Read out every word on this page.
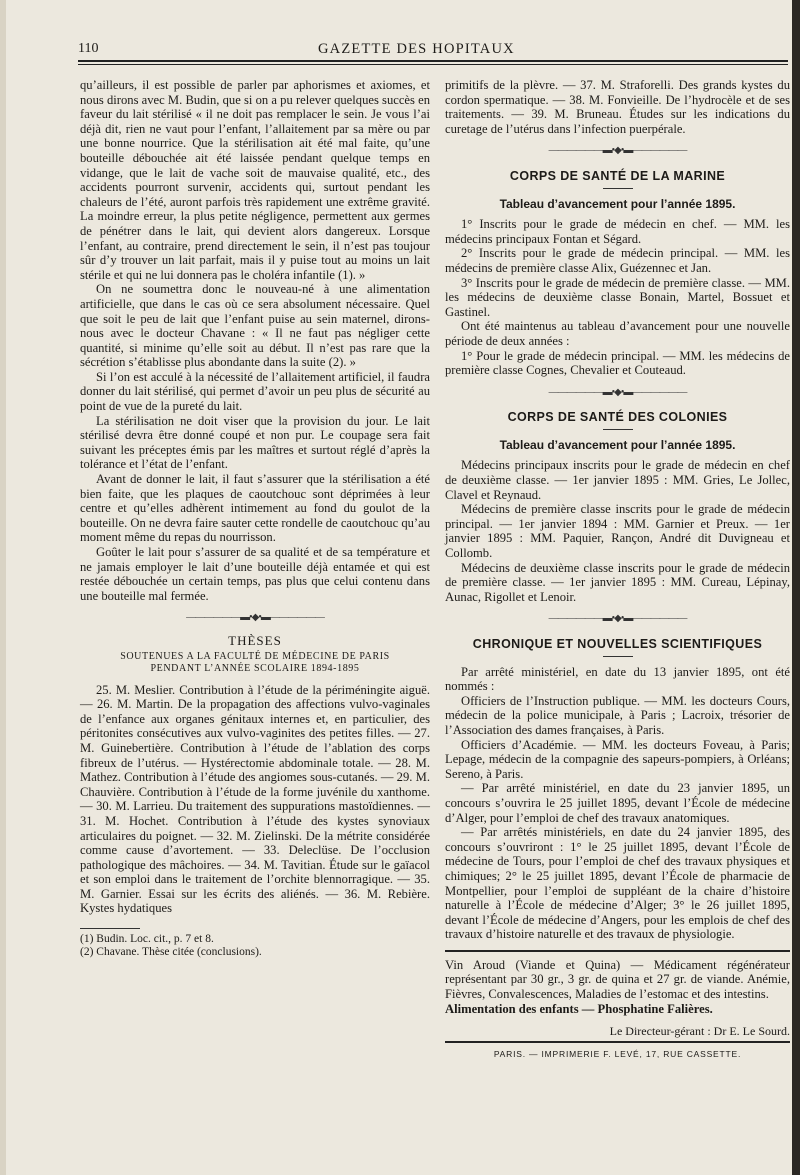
110	GAZETTE DES HOPITAUX

qu’ailleurs, il est possible de parler par aphorismes et axiomes, et nous dirons avec M. Budin, que si on a pu relever quelques succès en faveur du lait stérilisé « il ne doit pas remplacer le sein. Je vous l’ai déjà dit, rien ne vaut pour l’enfant, l’allaitement par sa mère ou par une bonne nourrice. Que la stérilisation ait été mal faite, qu’une bouteille débouchée ait été laissée pendant quelque temps en vidange, que le lait de vache soit de mauvaise qualité, etc., des accidents pourront survenir, accidents qui, surtout pendant les chaleurs de l’été, auront parfois très rapidement une extrême gravité. La moindre erreur, la plus petite négligence, permettent aux germes de pénétrer dans le lait, qui devient alors dangereux. Lorsque l’enfant, au contraire, prend directement le sein, il n’est pas toujour sûr d’y trouver un lait parfait, mais il y puise tout au moins un lait stérile et qui ne lui donnera pas le choléra infantile (1). »

On ne soumettra donc le nouveau-né à une alimentation artificielle, que dans le cas où ce sera absolument nécessaire. Quel que soit le peu de lait que l’enfant puise au sein maternel, dirons-nous avec le docteur Chavane : « Il ne faut pas négliger cette quantité, si minime qu’elle soit au début. Il n’est pas rare que la sécrétion s’établisse plus abondante dans la suite (2). »

Si l’on est acculé à la nécessité de l’allaitement artificiel, il faudra donner du lait stérilisé, qui permet d’avoir un peu plus de sécurité au point de vue de la pureté du lait.

La stérilisation ne doit viser que la provision du jour. Le lait stérilisé devra être donné coupé et non pur. Le coupage sera fait suivant les préceptes émis par les maîtres et surtout réglé d’après la tolérance et l’état de l’enfant.

Avant de donner le lait, il faut s’assurer que la stérilisation a été bien faite, que les plaques de caoutchouc sont déprimées à leur centre et qu’elles adhèrent intimement au fond du goulot de la bouteille. On ne devra faire sauter cette rondelle de caoutchouc qu’au moment même du repas du nourrisson.

Goûter le lait pour s’assurer de sa qualité et de sa température et ne jamais employer le lait d’une bouteille déjà entamée et qui est restée débouchée un certain temps, pas plus que celui contenu dans une bouteille mal fermée.

——————▬•◆•▬——————
THÈSES
SOUTENUES A LA FACULTÉ DE MÉDECINE DE PARIS
PENDANT L’ANNÉE SCOLAIRE 1894-1895

25. M. Meslier. Contribution à l’étude de la périméningite aiguë. — 26. M. Martin. De la propagation des affections vulvo-vaginales de l’enfance aux organes génitaux internes et, en particulier, des péritonites consécutives aux vulvo-vaginites des petites filles. — 27. M. Guinebertière. Contribution à l’étude de l’ablation des corps fibreux de l’utérus. — Hystérectomie abdominale totale. — 28. M. Mathez. Contribution à l’étude des angiomes sous-cutanés. — 29. M. Chauvière. Contribution à l’étude de la forme juvénile du xanthome. — 30. M. Larrieu. Du traitement des suppurations mastoïdiennes. — 31. M. Hochet. Contribution à l’étude des kystes synoviaux articulaires du poignet. — 32. M. Zielinski. De la métrite considérée comme cause d’avortement. — 33. Deleclüse. De l’occlusion pathologique des mâchoires. — 34. M. Tavitian. Étude sur le gaïacol et son emploi dans le traitement de l’orchite blennorragique. — 35. M. Garnier. Essai sur les écrits des aliénés. — 36. M. Rebière. Kystes hydatiques

(1) Budin. Loc. cit., p. 7 et 8.
(2) Chavane. Thèse citée (conclusions).

primitifs de la plèvre. — 37. M. Straforelli. Des grands kystes du cordon spermatique. — 38. M. Fonvieille. De l’hydrocèle et de ses traitements. — 39. M. Bruneau. Études sur les indications du curetage de l’utérus dans l’infection puerpérale.

——————▬•◆•▬——————
CORPS DE SANTÉ DE LA MARINE
Tableau d’avancement pour l’année 1895.

1° Inscrits pour le grade de médecin en chef. — MM. les médecins principaux Fontan et Ségard.

2° Inscrits pour le grade de médecin principal. — MM. les médecins de première classe Alix, Guézennec et Jan.

3° Inscrits pour le grade de médecin de première classe. — MM. les médecins de deuxième classe Bonain, Martel, Bossuet et Gastinel.

Ont été maintenus au tableau d’avancement pour une nouvelle période de deux années :

1° Pour le grade de médecin principal. — MM. les médecins de première classe Cognes, Chevalier et Couteaud.

——————▬•◆•▬——————
CORPS DE SANTÉ DES COLONIES
Tableau d’avancement pour l’année 1895.

Médecins principaux inscrits pour le grade de médecin en chef de deuxième classe. — 1er janvier 1895 : MM. Gries, Le Jollec, Clavel et Reynaud.

Médecins de première classe inscrits pour le grade de médecin principal. — 1er janvier 1894 : MM. Garnier et Preux. — 1er janvier 1895 : MM. Paquier, Rançon, André dit Duvigneau et Collomb.

Médecins de deuxième classe inscrits pour le grade de médecin de première classe. — 1er janvier 1895 : MM. Cureau, Lépinay, Aunac, Rigollet et Lenoir.

——————▬•◆•▬——————
CHRONIQUE ET NOUVELLES SCIENTIFIQUES

Par arrêté ministériel, en date du 13 janvier 1895, ont été nommés :

Officiers de l’Instruction publique. — MM. les docteurs Cours, médecin de la police municipale, à Paris ; Lacroix, trésorier de l’Association des dames françaises, à Paris.

Officiers d’Académie. — MM. les docteurs Foveau, à Paris; Lepage, médecin de la compagnie des sapeurs-pompiers, à Orléans; Sereno, à Paris.

— Par arrêté ministériel, en date du 23 janvier 1895, un concours s’ouvrira le 25 juillet 1895, devant l’École de médecine d’Alger, pour l’emploi de chef des travaux anatomiques.

— Par arrêtés ministériels, en date du 24 janvier 1895, des concours s’ouvriront : 1° le 25 juillet 1895, devant l’École de médecine de Tours, pour l’emploi de chef des travaux physiques et chimiques; 2° le 25 juillet 1895, devant l’École de pharmacie de Montpellier, pour l’emploi de suppléant de la chaire d’histoire naturelle à l’École de médecine d’Alger; 3° le 26 juillet 1895, devant l’École de médecine d’Angers, pour les emplois de chef des travaux d’histoire naturelle et des travaux de physiologie.

Vin Aroud (Viande et Quina) — Médicament régénérateur représentant par 30 gr., 3 gr. de quina et 27 gr. de viande. Anémie, Fièvres, Convalescences, Maladies de l’estomac et des intestins.

Alimentation des enfants — Phosphatine Falières.

Le Directeur-gérant : Dr E. Le Sourd.
PARIS. — IMPRIMERIE F. LEVÉ, 17, RUE CASSETTE.
